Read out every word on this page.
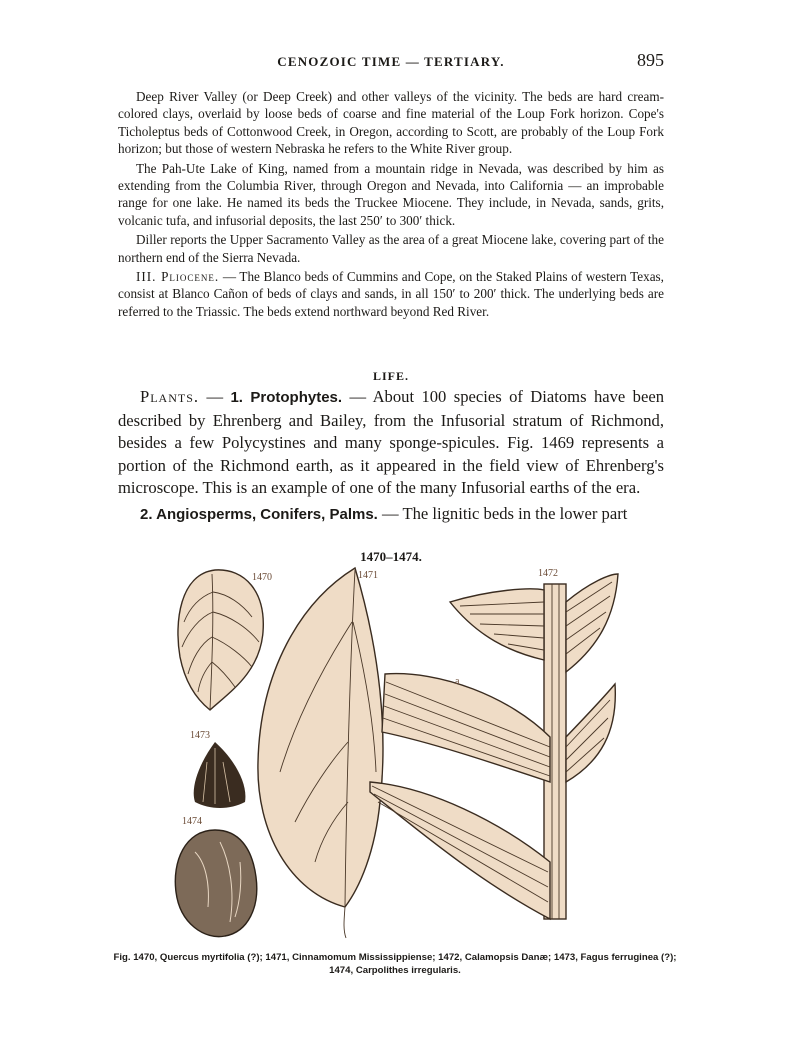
CENOZOIC TIME — TERTIARY.	895

Deep River Valley (or Deep Creek) and other valleys of the vicinity. The beds are hard cream-colored clays, overlaid by loose beds of coarse and fine material of the Loup Fork horizon. Cope's Ticholeptus beds of Cottonwood Creek, in Oregon, according to Scott, are probably of the Loup Fork horizon; but those of western Nebraska he refers to the White River group.

The Pah-Ute Lake of King, named from a mountain ridge in Nevada, was described by him as extending from the Columbia River, through Oregon and Nevada, into California — an improbable range for one lake. He named its beds the Truckee Miocene. They include, in Nevada, sands, grits, volcanic tufa, and infusorial deposits, the last 250′ to 300′ thick.

Diller reports the Upper Sacramento Valley as the area of a great Miocene lake, covering part of the northern end of the Sierra Nevada.

III. Pliocene. — The Blanco beds of Cummins and Cope, on the Staked Plains of western Texas, consist at Blanco Cañon of beds of clays and sands, in all 150′ to 200′ thick. The underlying beds are referred to the Triassic. The beds extend northward beyond Red River.

LIFE.

Plants. — 1. Protophytes. — About 100 species of Diatoms have been described by Ehrenberg and Bailey, from the Infusorial stratum of Richmond, besides a few Polycystines and many sponge-spicules. Fig. 1469 represents a portion of the Richmond earth, as it appeared in the field view of Ehrenberg's microscope. This is an example of one of the many Infusorial earths of the era.

2. Angiosperms, Conifers, Palms. — The lignitic beds in the lower part

1470–1474.
1470	1471	1472
1473
1474
a
Fig. 1470, Quercus myrtifolia (?); 1471, Cinnamomum Mississippiense; 1472, Calamopsis Danæ; 1473, Fagus ferruginea (?); 1474, Carpolithes irregularis.
